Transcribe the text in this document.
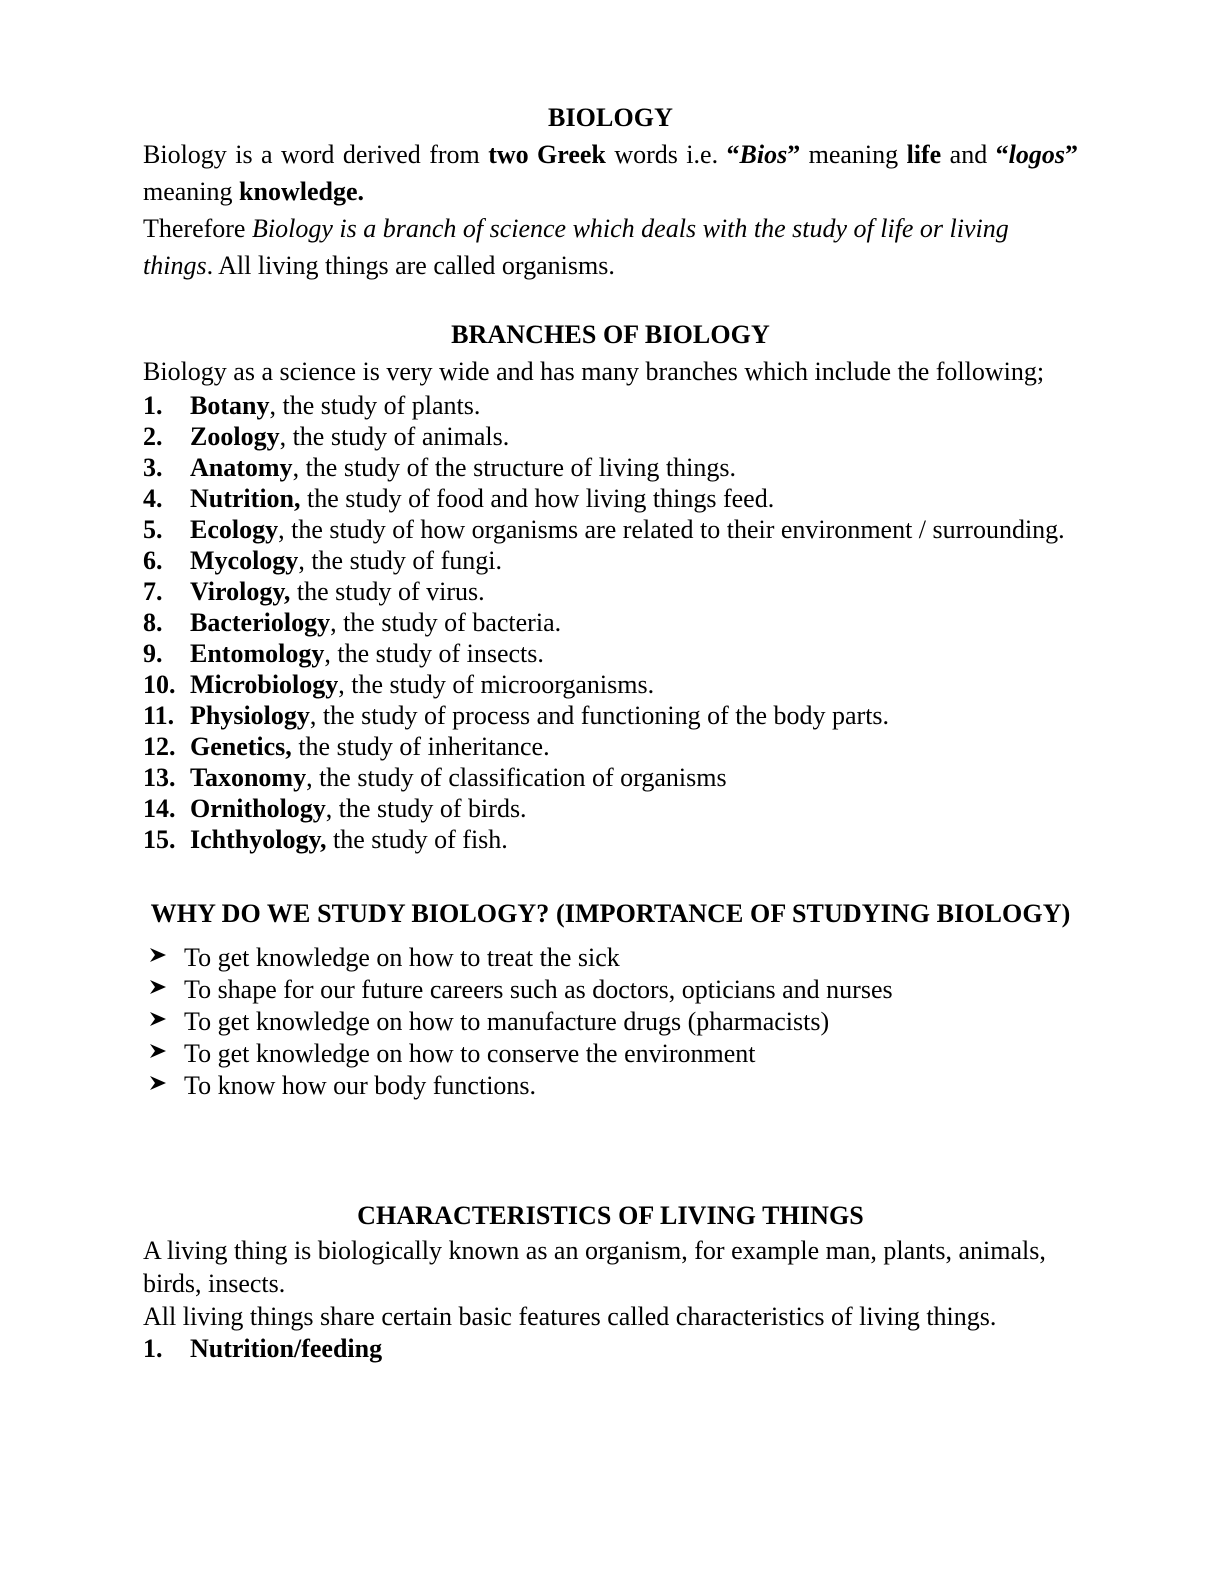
BIOLOGY

Biology is a word derived from two Greek words i.e. “Bios” meaning life and “logos” meaning knowledge.

Therefore Biology is a branch of science which deals with the study of life or living things. All living things are called organisms.

BRANCHES OF BIOLOGY

Biology as a science is very wide and has many branches which include the following;

1.	Botany, the study of plants.
2.	Zoology, the study of animals.
3.	Anatomy, the study of the structure of living things.
4.	Nutrition, the study of food and how living things feed.
5.	Ecology, the study of how organisms are related to their environment / surrounding.
6.	Mycology, the study of fungi.
7.	Virology, the study of virus.
8.	Bacteriology, the study of bacteria.
9.	Entomology, the study of insects.
10. Microbiology, the study of microorganisms.
11. Physiology, the study of process and functioning of the body parts.
12. Genetics, the study of inheritance.
13. Taxonomy, the study of classification of organisms
14. Ornithology, the study of birds.
15. Ichthyology, the study of fish.
WHY DO WE STUDY BIOLOGY? (IMPORTANCE OF STUDYING BIOLOGY)
To get knowledge on how to treat the sick
To shape for our future careers such as doctors, opticians and nurses
To get knowledge on how to manufacture drugs (pharmacists)
To get knowledge on how to conserve the environment
To know how our body functions.
CHARACTERISTICS OF LIVING THINGS

A living thing is biologically known as an organism, for example man, plants, animals, birds, insects.

All living things share certain basic features called characteristics of living things.

1.	Nutrition/feeding
